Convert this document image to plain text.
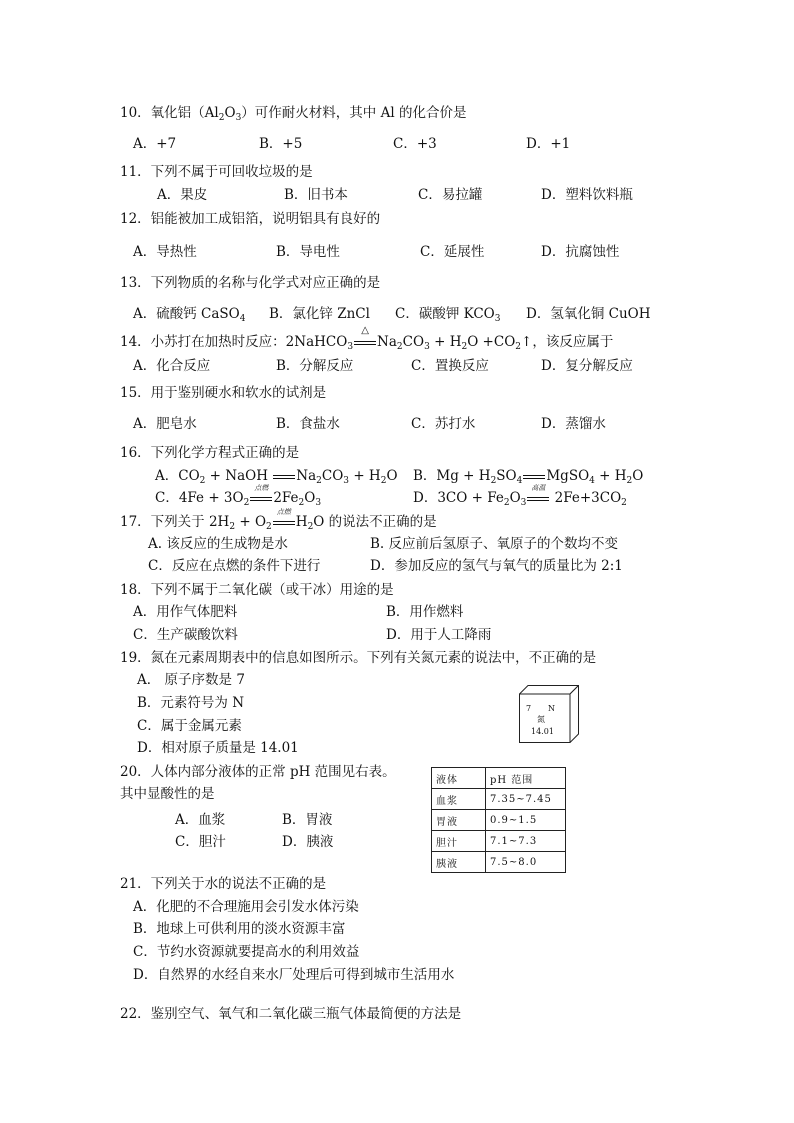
10．氧化铝$(Al_2O_3)$可作耐火材料，其中 Al 的化合价是
A．+7	B．+5	C．+3	D．+1
11．下列不属于可回收垃圾的是
A．果皮	B．旧书本	C．易拉罐	D．塑料饮料瓶
12．铝能被加工成铝箔，说明铝具有良好的
A．导热性	B．导电性	C．延展性	D．抗腐蚀性
13．下列物质的名称与化学式对应正确的是
A．硫酸钙 CaSO$_4$ B．氯化锌 ZnCl C．碳酸钾 $KCO_3$ D．氢氧化铜 CuOH
14．小苏打在加热时反应：2NaHCO$_3$
△
$Na_2CO_3 + H_2O$ $+CO_2↑$，该反应属于
A．化合反应	B．分解反应	C．置换反应	D．复分解反应
15．用于鉴别硬水和软水的试剂是
A．肥皂水	B．食盐水	C．苏打水	D．蒸馏水
16．下列化学方程式正确的是
A．$CO_2$ + NaOH
$Na_2CO_3 + H_2O$ B．$Mg + H_2SO_4$ MgSO$_4$ + $H_2O$
C．$4Fe + 3O_2$
点燃
$2Fe_2O_3$	D．$3CO + Fe_2O_3$
高温
$2Fe+3CO_2$
17．下列关于 $2H_2 + O_2$
点燃
$H_2O$ 的说法不正确的是
A. 该反应的生成物是水	B. 反应前后氢原子、氧原子的个数均不变
C．反应在点燃的条件下进行	D．参加反应的氢气与氧气的质量比为 2:1
18．下列不属于二氧化碳（或干冰）用途的是
A．用作气体肥料	B．用作燃料
C．生产碳酸饮料	D．用于人工降雨
19．氮在元素周期表中的信息如图所示。下列有关氮元素的说法中，不正确的是
A． 原子序数是 7
B．元素符号为 N
C．属于金属元素
D．相对原子质量是 14.01
7 N
氮
14.01
20．人体内部分液体的正常 pH 范围见右表。
其中显酸性的是
A．血浆	B．胃液
C．胆汁	D．胰液
液体	pH 范围
血浆	7.35~7.45
胃液	0.9~1.5
胆汁	7.1~7.3
胰液	7.5~8.0
21．下列关于水的说法不正确的是
A．化肥的不合理施用会引发水体污染
B．地球上可供利用的淡水资源丰富
C．节约水资源就要提高水的利用效益
D．自然界的水经自来水厂处理后可得到城市生活用水
22．鉴别空气、氧气和二氧化碳三瓶气体最简便的方法是
